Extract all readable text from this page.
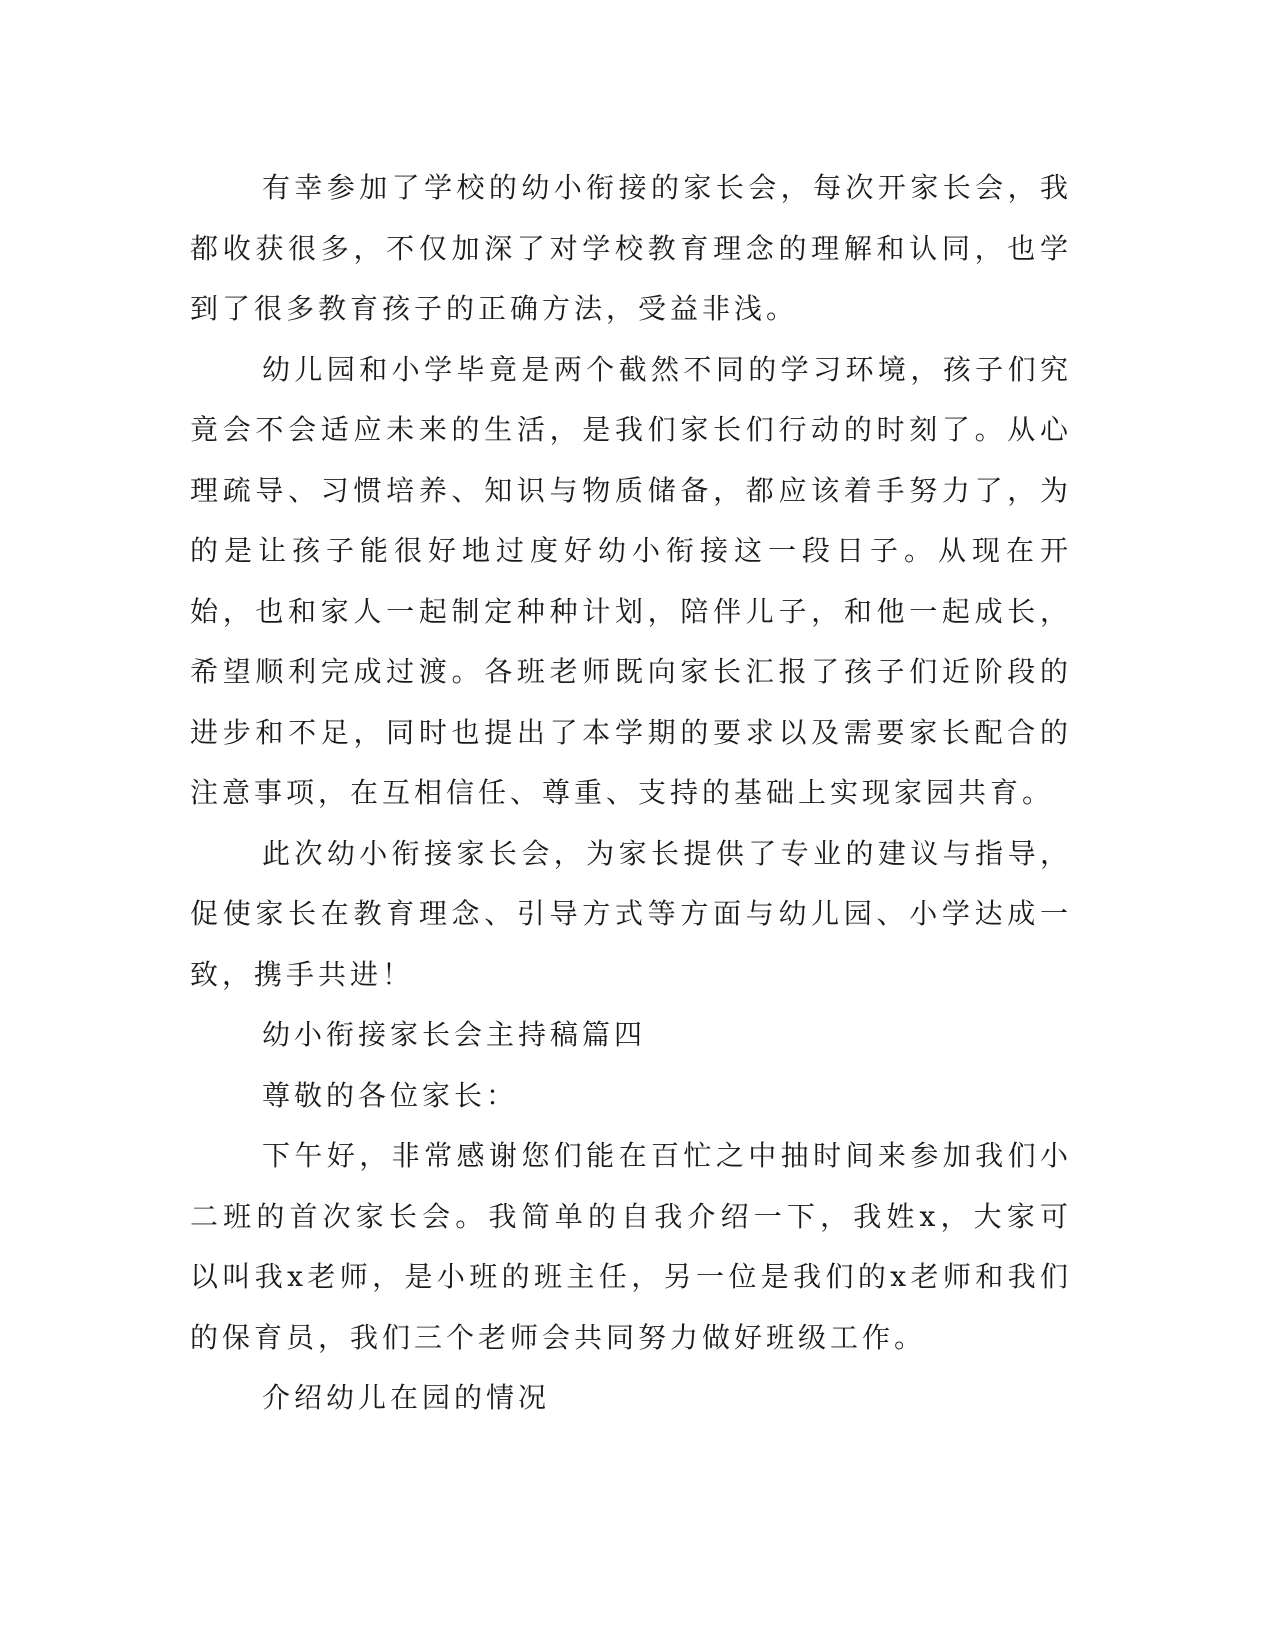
有幸参加了学校的幼小衔接的家长会，每次开家长会，我都收获很多，不仅加深了对学校教育理念的理解和认同，也学到了很多教育孩子的正确方法，受益非浅。

幼儿园和小学毕竟是两个截然不同的学习环境，孩子们究竟会不会适应未来的生活，是我们家长们行动的时刻了。从心理疏导、习惯培养、知识与物质储备，都应该着手努力了，为的是让孩子能很好地过度好幼小衔接这一段日子。从现在开始，也和家人一起制定种种计划，陪伴儿子，和他一起成长，希望顺利完成过渡。各班老师既向家长汇报了孩子们近阶段的进步和不足，同时也提出了本学期的要求以及需要家长配合的注意事项，在互相信任、尊重、支持的基础上实现家园共育。

此次幼小衔接家长会，为家长提供了专业的建议与指导，促使家长在教育理念、引导方式等方面与幼儿园、小学达成一致，携手共进！

幼小衔接家长会主持稿篇四

尊敬的各位家长：

下午好，非常感谢您们能在百忙之中抽时间来参加我们小二班的首次家长会。我简单的自我介绍一下，我姓x，大家可以叫我x老师，是小班的班主任，另一位是我们的x老师和我们的保育员，我们三个老师会共同努力做好班级工作。

介绍幼儿在园的情况
